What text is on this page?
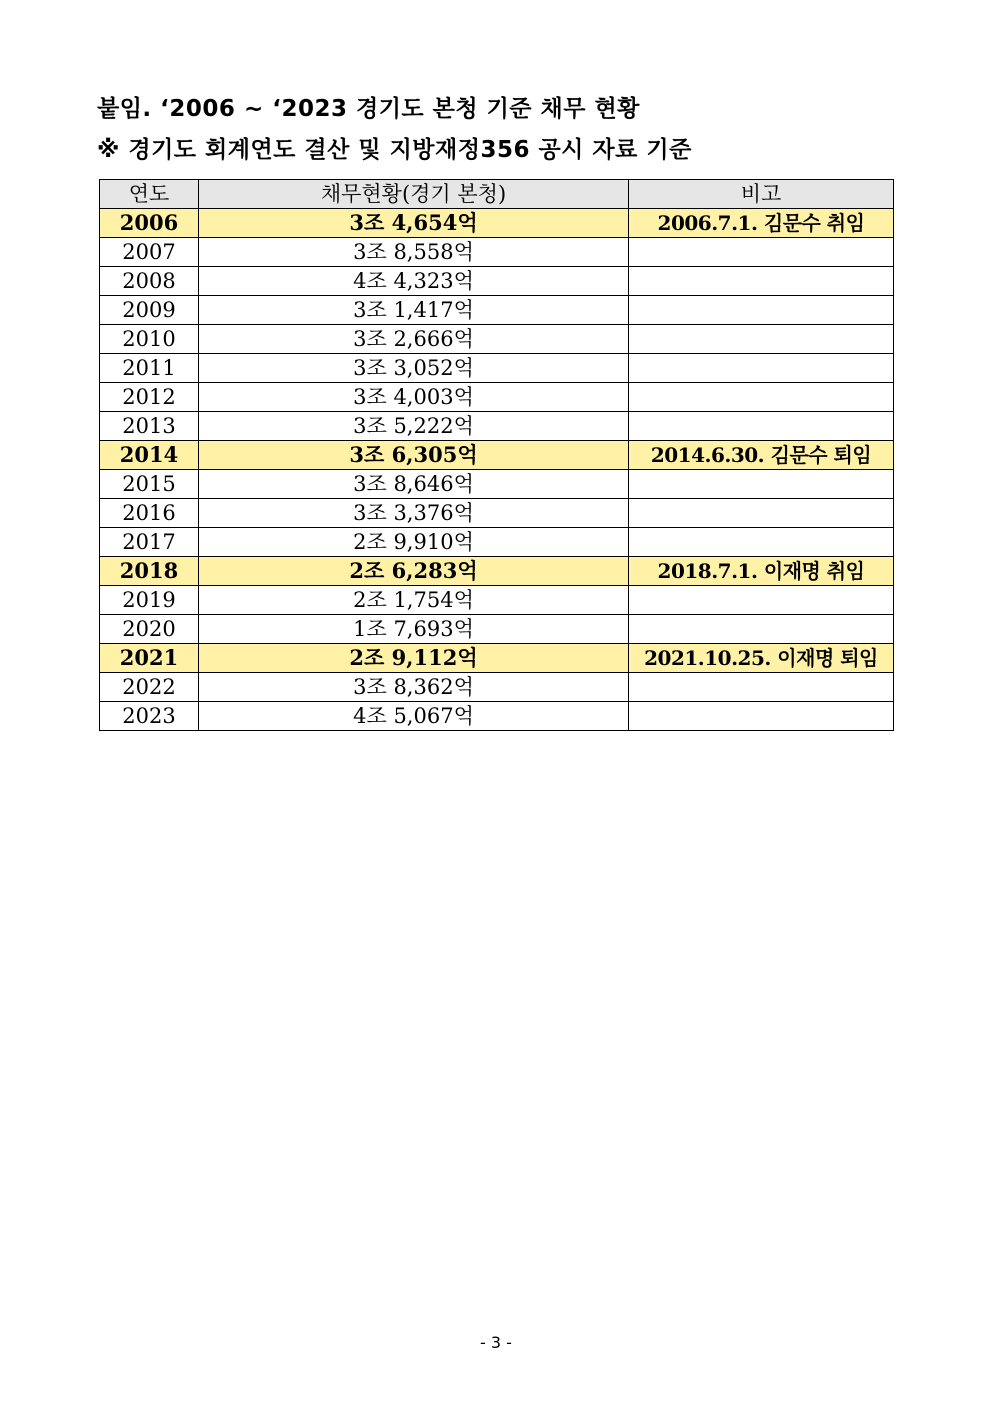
붙임. ‘2006 ~ ‘2023 경기도 본청 기준 채무 현황
※ 경기도 회계연도 결산 및 지방재정356 공시 자료 기준
연도	채무현황(경기 본청)	비고
2006	3조 4,654억	2006.7.1. 김문수 취임
2007	3조 8,558억	
2008	4조 4,323억	
2009	3조 1,417억	
2010	3조 2,666억	
2011	3조 3,052억	
2012	3조 4,003억	
2013	3조 5,222억	
2014	3조 6,305억	2014.6.30. 김문수 퇴임
2015	3조 8,646억	
2016	3조 3,376억	
2017	2조 9,910억	
2018	2조 6,283억	2018.7.1. 이재명 취임
2019	2조 1,754억	
2020	1조 7,693억	
2021	2조 9,112억	2021.10.25. 이재명 퇴임
2022	3조 8,362억	
2023	4조 5,067억	
- 3 -
